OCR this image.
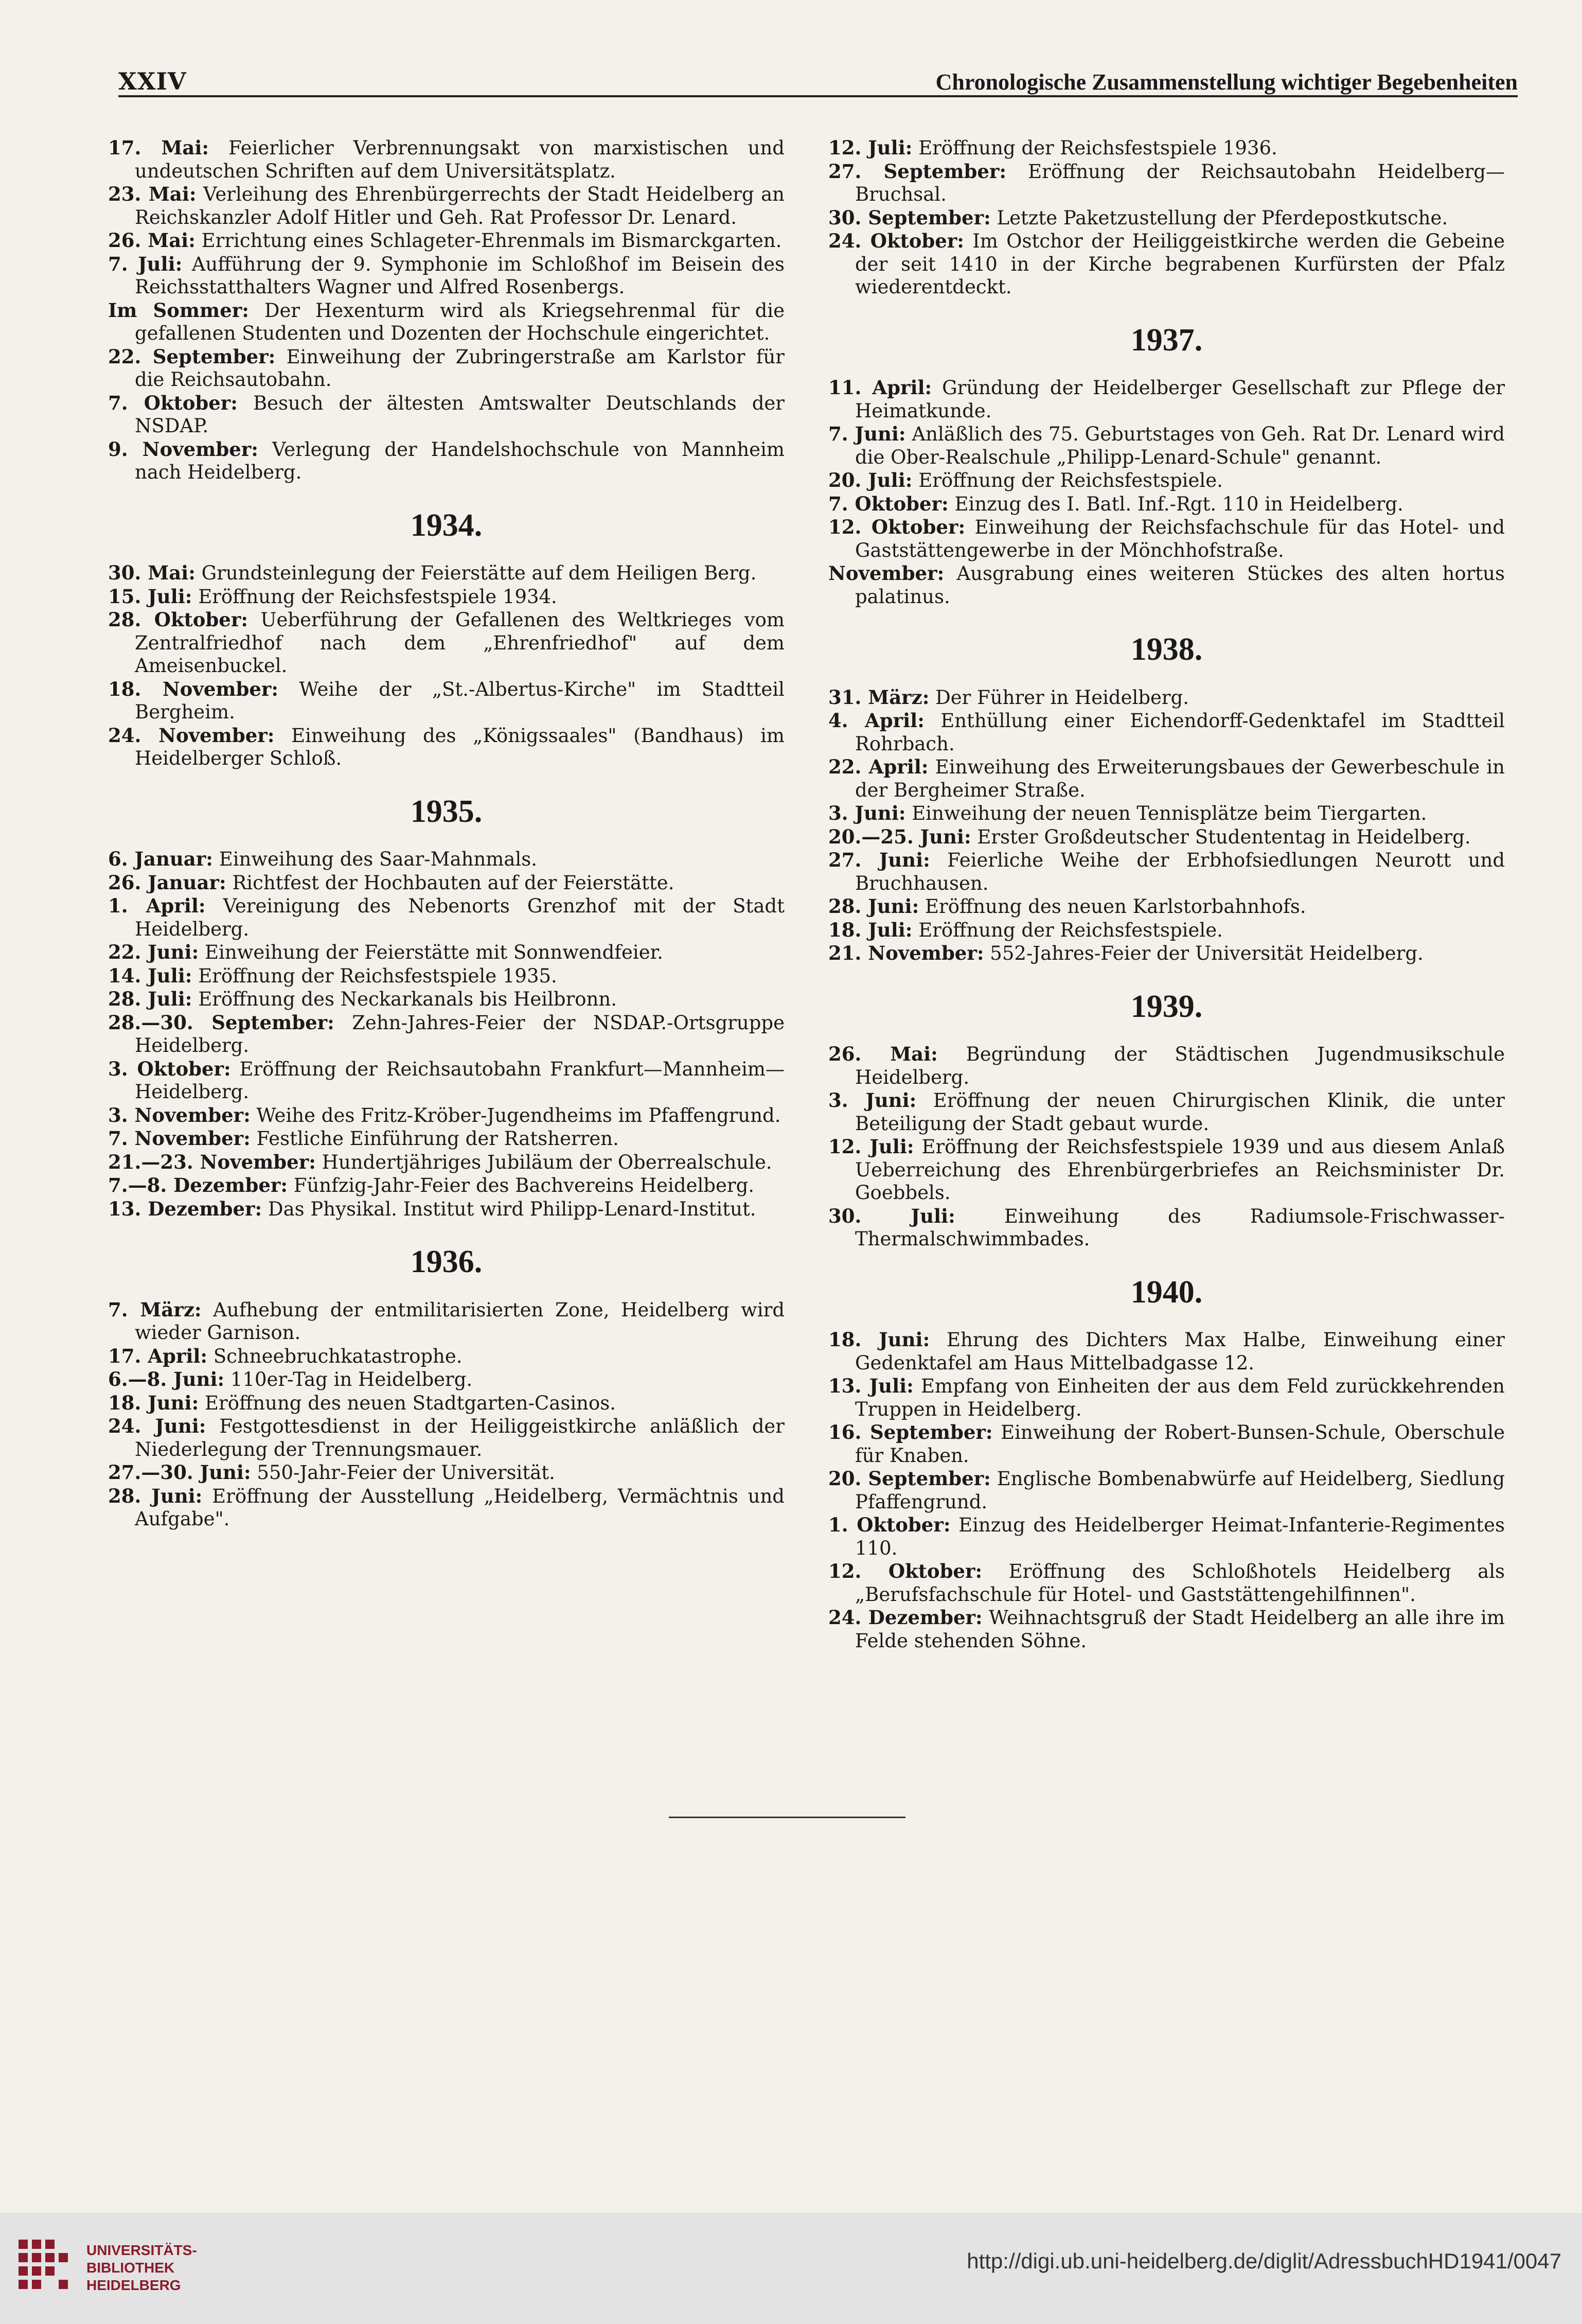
XXIV	Chronologische Zusammenstellung wichtiger Begebenheiten

17. Mai: Feierlicher Verbrennungsakt von marxistischen und undeutschen Schriften auf dem Universitätsplatz.

23. Mai: Verleihung des Ehrenbürgerrechts der Stadt Heidelberg an Reichskanzler Adolf Hitler und Geh. Rat Professor Dr. Lenard.

26. Mai: Errichtung eines Schlageter-Ehrenmals im Bismarckgarten.

7. Juli: Aufführung der 9. Symphonie im Schloßhof im Beisein des Reichsstatthalters Wagner und Alfred Rosenbergs.

Im Sommer: Der Hexenturm wird als Kriegsehrenmal für die gefallenen Studenten und Dozenten der Hochschule eingerichtet.

22. September: Einweihung der Zubringerstraße am Karlstor für die Reichsautobahn.

7. Oktober: Besuch der ältesten Amtswalter Deutschlands der NSDAP.

9. November: Verlegung der Handelshochschule von Mannheim nach Heidelberg.

1934.

30. Mai: Grundsteinlegung der Feierstätte auf dem Heiligen Berg.

15. Juli: Eröffnung der Reichsfestspiele 1934.

28. Oktober: Ueberführung der Gefallenen des Weltkrieges vom Zentralfriedhof nach dem „Ehrenfriedhof" auf dem Ameisenbuckel.

18. November: Weihe der „St.-Albertus-Kirche" im Stadtteil Bergheim.

24. November: Einweihung des „Königssaales" (Bandhaus) im Heidelberger Schloß.

1935.

6. Januar: Einweihung des Saar-Mahnmals.

26. Januar: Richtfest der Hochbauten auf der Feierstätte.

1. April: Vereinigung des Nebenorts Grenzhof mit der Stadt Heidelberg.

22. Juni: Einweihung der Feierstätte mit Sonnwendfeier.

14. Juli: Eröffnung der Reichsfestspiele 1935.

28. Juli: Eröffnung des Neckarkanals bis Heilbronn.

28.—30. September: Zehn-Jahres-Feier der NSDAP.-Ortsgruppe Heidelberg.

3. Oktober: Eröffnung der Reichsautobahn Frankfurt—Mannheim—Heidelberg.

3. November: Weihe des Fritz-Kröber-Jugendheims im Pfaffengrund.

7. November: Festliche Einführung der Ratsherren.

21.—23. November: Hundertjähriges Jubiläum der Oberrealschule.

7.—8. Dezember: Fünfzig-Jahr-Feier des Bachvereins Heidelberg.

13. Dezember: Das Physikal. Institut wird Philipp-Lenard-Institut.

1936.

7. März: Aufhebung der entmilitarisierten Zone, Heidelberg wird wieder Garnison.

17. April: Schneebruchkatastrophe.

6.—8. Juni: 110er-Tag in Heidelberg.

18. Juni: Eröffnung des neuen Stadtgarten-Casinos.

24. Juni: Festgottesdienst in der Heiliggeistkirche anläßlich der Niederlegung der Trennungsmauer.

27.—30. Juni: 550-Jahr-Feier der Universität.

28. Juni: Eröffnung der Ausstellung „Heidelberg, Vermächtnis und Aufgabe".

12. Juli: Eröffnung der Reichsfestspiele 1936.

27. September: Eröffnung der Reichsautobahn Heidelberg—Bruchsal.

30. September: Letzte Paketzustellung der Pferdepostkutsche.

24. Oktober: Im Ostchor der Heiliggeistkirche werden die Gebeine der seit 1410 in der Kirche begrabenen Kurfürsten der Pfalz wiederentdeckt.

1937.

11. April: Gründung der Heidelberger Gesellschaft zur Pflege der Heimatkunde.

7. Juni: Anläßlich des 75. Geburtstages von Geh. Rat Dr. Lenard wird die Ober-Realschule „Philipp-Lenard-Schule" genannt.

20. Juli: Eröffnung der Reichsfestspiele.

7. Oktober: Einzug des I. Batl. Inf.-Rgt. 110 in Heidelberg.

12. Oktober: Einweihung der Reichsfachschule für das Hotel- und Gaststättengewerbe in der Mönchhofstraße.

November: Ausgrabung eines weiteren Stückes des alten hortus palatinus.

1938.

31. März: Der Führer in Heidelberg.

4. April: Enthüllung einer Eichendorff-Gedenktafel im Stadtteil Rohrbach.

22. April: Einweihung des Erweiterungsbaues der Gewerbeschule in der Bergheimer Straße.

3. Juni: Einweihung der neuen Tennisplätze beim Tiergarten.

20.—25. Juni: Erster Großdeutscher Studententag in Heidelberg.

27. Juni: Feierliche Weihe der Erbhofsiedlungen Neurott und Bruchhausen.

28. Juni: Eröffnung des neuen Karlstorbahnhofs.

18. Juli: Eröffnung der Reichsfestspiele.

21. November: 552-Jahres-Feier der Universität Heidelberg.

1939.

26. Mai: Begründung der Städtischen Jugendmusikschule Heidelberg.

3. Juni: Eröffnung der neuen Chirurgischen Klinik, die unter Beteiligung der Stadt gebaut wurde.

12. Juli: Eröffnung der Reichsfestspiele 1939 und aus diesem Anlaß Ueberreichung des Ehrenbürgerbriefes an Reichsminister Dr. Goebbels.

30. Juli:	Einweihung des Radiumsole-Frischwasser-Thermalschwimmbades.

1940.

18. Juni: Ehrung des Dichters Max Halbe, Einweihung einer Gedenktafel am Haus Mittelbadgasse 12.

13. Juli: Empfang von Einheiten der aus dem Feld zurückkehrenden Truppen in Heidelberg.

16. September: Einweihung der Robert-Bunsen-Schule, Oberschule für Knaben.

20. September: Englische Bombenabwürfe auf Heidelberg, Siedlung Pfaffengrund.

1. Oktober: Einzug des Heidelberger Heimat-Infanterie-Regimentes 110.

12. Oktober: Eröffnung des Schloßhotels Heidelberg als „Berufsfachschule für Hotel- und Gaststättengehilfinnen".

24. Dezember: Weihnachtsgruß der Stadt Heidelberg an alle ihre im Felde stehenden Söhne.

UNIVERSITÄTS-
BIBLIOTHEK
HEIDELBERG
http://digi.ub.uni-heidelberg.de/diglit/AdressbuchHD1941/0047
